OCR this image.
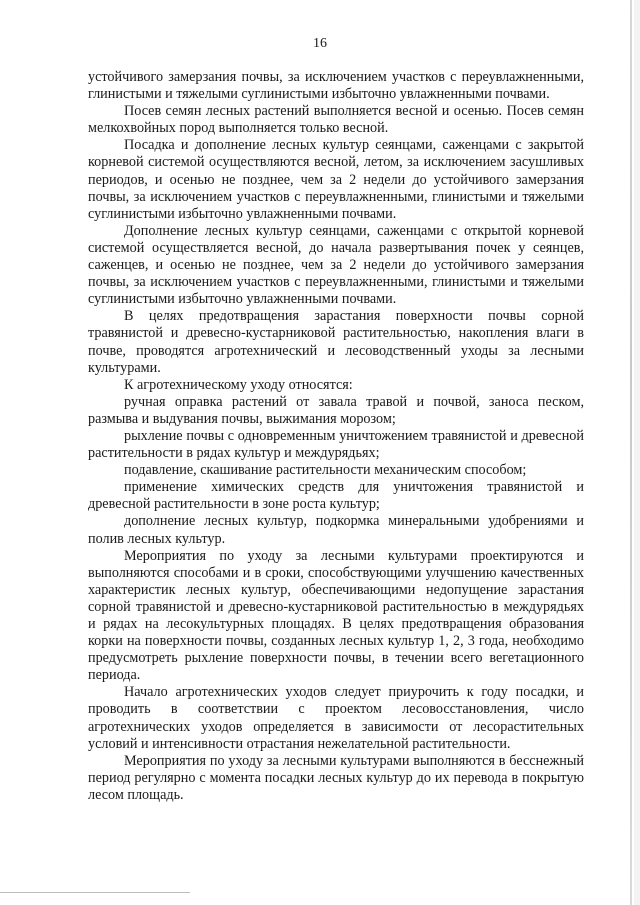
16

устойчивого замерзания почвы, за исключением участков с переувлажненными, глинистыми и тяжелыми суглинистыми избыточно увлажненными почвами.

Посев семян лесных растений выполняется весной и осенью. Посев семян мелкохвойных пород выполняется только весной.

Посадка и дополнение лесных культур сеянцами, саженцами с закрытой корневой системой осуществляются весной, летом, за исключением засушливых периодов, и осенью не позднее, чем за 2 недели до устойчивого замерзания почвы, за исключением участков с переувлажненными, глинистыми и тяжелыми суглинистыми избыточно увлажненными почвами.

Дополнение лесных культур сеянцами, саженцами с открытой корневой системой осуществляется весной, до начала развертывания почек у сеянцев, саженцев, и осенью не позднее, чем за 2 недели до устойчивого замерзания почвы, за исключением участков с переувлажненными, глинистыми и тяжелыми суглинистыми избыточно увлажненными почвами.

В целях предотвращения зарастания поверхности почвы сорной травянистой и древесно-кустарниковой растительностью, накопления влаги в почве, проводятся агротехнический и лесоводственный уходы за лесными культурами.

К агротехническому уходу относятся:

ручная оправка растений от завала травой и почвой, заноса песком, размыва и выдувания почвы, выжимания морозом;

рыхление почвы с одновременным уничтожением травянистой и древесной растительности в рядах культур и междурядьях;

подавление, скашивание растительности механическим способом;

применение химических средств для уничтожения травянистой и древесной растительности в зоне роста культур;

дополнение лесных культур, подкормка минеральными удобрениями и полив лесных культур.

Мероприятия по уходу за лесными культурами проектируются и выполняются способами и в сроки, способствующими улучшению качественных характеристик лесных культур, обеспечивающими недопущение зарастания сорной травянистой и древесно-кустарниковой растительностью в междурядьях и рядах на лесокультурных площадях. В целях предотвращения образования корки на поверхности почвы, созданных лесных культур 1, 2, 3 года, необходимо предусмотреть рыхление поверхности почвы, в течении всего вегетационного периода.

Начало агротехнических уходов следует приурочить к году посадки, и проводить в соответствии с проектом лесовосстановления, число агротехнических уходов определяется в зависимости от лесорастительных условий и интенсивности отрастания нежелательной растительности.

Мероприятия по уходу за лесными культурами выполняются в бесснежный период регулярно с момента посадки лесных культур до их перевода в покрытую лесом площадь.
